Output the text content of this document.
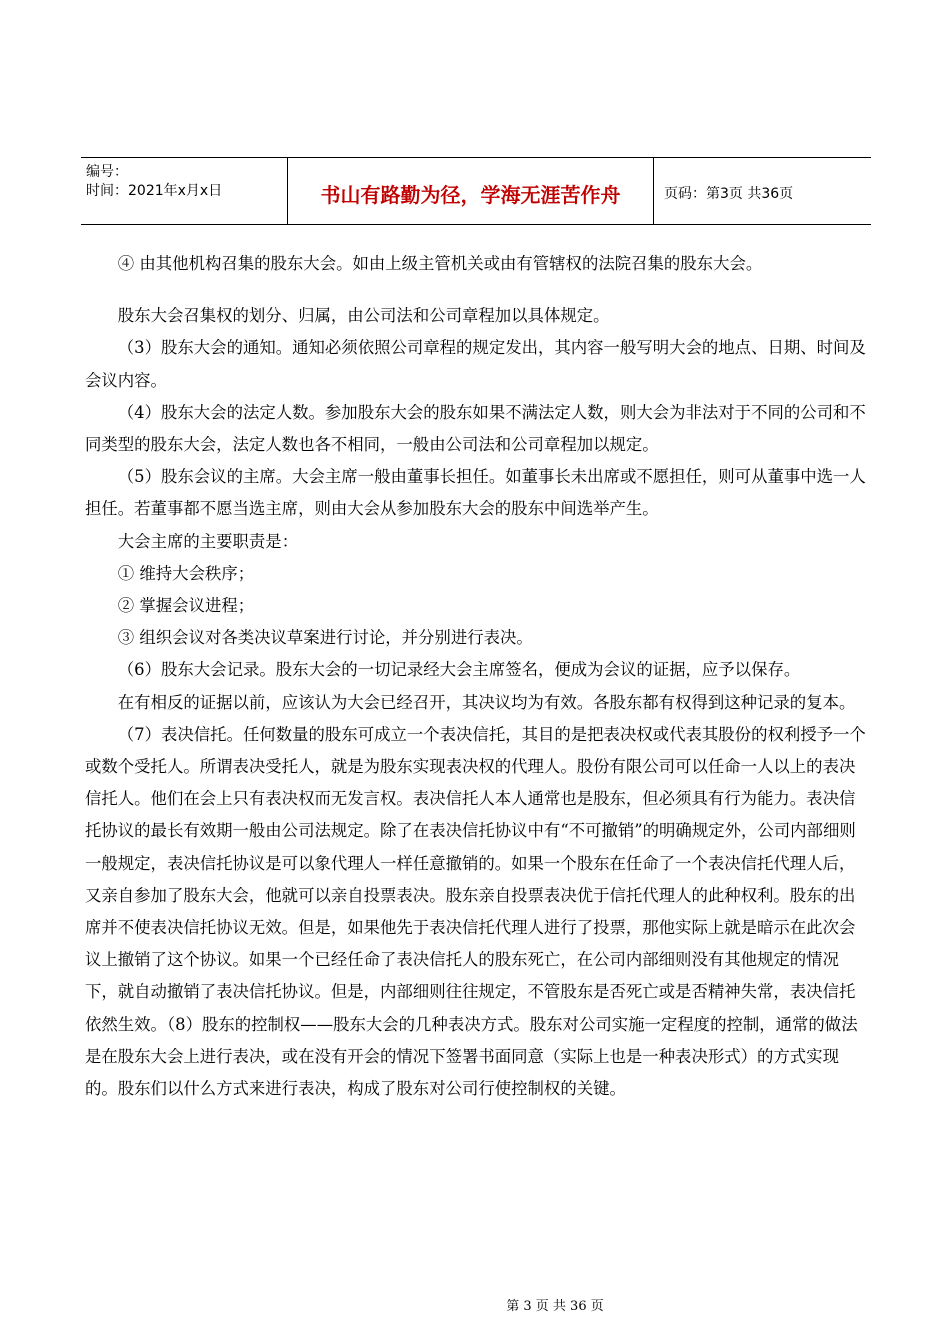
编号：
时间：2021年x月x日	书山有路勤为径，学海无涯苦作舟	页码：第3页 共36页

④ 由其他机构召集的股东大会。如由上级主管机关或由有管辖权的法院召集的股东大会。

股东大会召集权的划分、归属，由公司法和公司章程加以具体规定。

（3）股东大会的通知。通知必须依照公司章程的规定发出，其内容一般写明大会的地点、日期、时间及会议内容。

（4）股东大会的法定人数。参加股东大会的股东如果不满法定人数，则大会为非法对于不同的公司和不同类型的股东大会，法定人数也各不相同，一般由公司法和公司章程加以规定。

（5）股东会议的主席。大会主席一般由董事长担任。如董事长未出席或不愿担任，则可从董事中选一人担任。若董事都不愿当选主席，则由大会从参加股东大会的股东中间选举产生。

大会主席的主要职责是：

① 维持大会秩序；

② 掌握会议进程；

③ 组织会议对各类决议草案进行讨论，并分别进行表决。

（6）股东大会记录。股东大会的一切记录经大会主席签名，便成为会议的证据，应予以保存。

在有相反的证据以前，应该认为大会已经召开，其决议均为有效。各股东都有权得到这种记录的复本。

（7）表决信托。任何数量的股东可成立一个表决信托，其目的是把表决权或代表其股份的权利授予一个或数个受托人。所谓表决受托人，就是为股东实现表决权的代理人。股份有限公司可以任命一人以上的表决信托人。他们在会上只有表决权而无发言权。表决信托人本人通常也是股东，但必须具有行为能力。表决信托协议的最长有效期一般由公司法规定。除了在表决信托协议中有“不可撤销”的明确规定外，公司内部细则一般规定，表决信托协议是可以象代理人一样任意撤销的。如果一个股东在任命了一个表决信托代理人后，又亲自参加了股东大会，他就可以亲自投票表决。股东亲自投票表决优于信托代理人的此种权利。股东的出席并不使表决信托协议无效。但是，如果他先于表决信托代理人进行了投票，那他实际上就是暗示在此次会议上撤销了这个协议。如果一个已经任命了表决信托人的股东死亡，在公司内部细则没有其他规定的情况下，就自动撤销了表决信托协议。但是，内部细则往往规定，不管股东是否死亡或是否精神失常，表决信托依然生效。（8）股东的控制权——股东大会的几种表决方式。股东对公司实施一定程度的控制，通常的做法是在股东大会上进行表决，或在没有开会的情况下签署书面同意（实际上也是一种表决形式）的方式实现的。股东们以什么方式来进行表决，构成了股东对公司行使控制权的关键。

第 3 页 共 36 页
